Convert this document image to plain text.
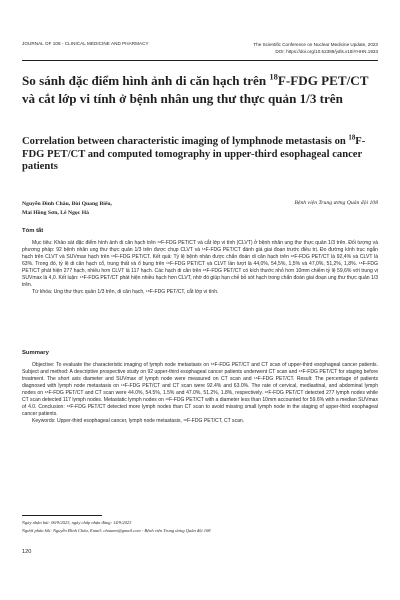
JOURNAL OF 108 - CLINICAL MEDICINE AND PHARMACY	The Scientific Conference on Nuclear Medicine Update, 2023
DOI: https://doi.org/10.52389/ydls.v18iYHHN.1933
So sánh đặc điểm hình ảnh di căn hạch trên $^{18}$F-FDG PET/CT và cắt lớp vi tính ở bệnh nhân ung thư thực quản 1/3 trên
Correlation between characteristic imaging of lymphnode metastasis on $^{18}$F-FDG PET/CT and computed tomography in upper-third esophageal cancer patients
Nguyễn Đình Châu, Bùi Quang Biểu,
Mai Hồng Sơn, Lê Ngọc Hà
Bệnh viện Trung ương Quân đội 108
Tóm tắt

Mục tiêu: Khảo sát đặc điểm hình ảnh di căn hạch trên ¹⁸F-FDG PET/CT và cắt lớp vi tính (CLVT) ở bệnh nhân ung thư thực quản 1/3 trên. Đối tượng và phương pháp: 92 bệnh nhân ung thư thực quản 1/3 trên được chụp CLVT và ¹⁸F-FDG PET/CT đánh giá giai đoạn trước điều trị. Đo đường kính trục ngắn hạch trên CLVT và SUVmax hạch trên ¹⁸F-FDG PET/CT. Kết quả: Tỷ lệ bệnh nhân được chẩn đoán di căn hạch trên ¹⁸F-FDG PET/CT là 92,4% và CLVT là 63%. Trong đó, tỷ lệ di căn hạch cổ, trung thất và ổ bụng trên ¹⁸F-FDG PET/CT và CLVT lần lượt là 44,0%, 54,5%, 1,5% và 47,0%, 51,2%, 1,8%. ¹⁸F-FDG PET/CT phát hiện 277 hạch, nhiều hơn CLVT là 117 hạch. Các hạch di căn trên ¹⁸F-FDG PET/CT có kích thước nhỏ hơn 10mm chiếm tỷ lệ 59,6% với trung vị SUVmax là 4,0. Kết luận: ¹⁸F-FDG PET/CT phát hiện nhiều hạch hơn CLVT, nhờ đó giúp hạn chế bỏ sót hạch trong chẩn đoán giai đoạn ung thư thực quản 1/3 trên.

Từ khóa: Ung thư thực quản 1/3 trên, di căn hạch, ¹⁸F-FDG PET/CT, cắt lớp vi tính.

Summary

Objective: To evaluate the characteristic imaging of lymph node metastasis on ¹⁸F-FDG PET/CT and CT scan of upper-third esophageal cancer patients. Subject and method: A descriptive prospective study on 92 upper-third esophageal cancer patients underwent CT scan and ¹⁸F-FDG PET/CT for staging before treatment. The short axis diameter and SUVmax of lymph node were measured on CT scan and ¹⁸F-FDG PET/CT. Result: The percentage of patients diagnosed with lymph node metastasis on ¹⁸F-FDG PET/CT and CT scan were 92.4% and 63.0%. The rate of cervical, mediastinal, and abdominal lymph nodes on ¹⁸F-FDG PET/CT and CT scan were 44.0%, 54.5%, 1.5% and 47.0%, 51.2%, 1.8%, respectively. ¹⁸F-FDG PET/CT detected 277 lymph nodes while CT scan detected 117 lymph nodes. Metastatic lymph nodes on ¹⁸F-FDG PET/CT with a diameter less than 10mm accounted for 59.6% with a median SUVmax of 4.0. Conclusion: ¹⁸F-FDG PET/CT detected more lymph nodes than CT scan to avoid missing small lymph node in the staging of upper-third esophageal cancer patients.

Keywords: Upper-third esophageal cancer, lymph node metastasis, ¹⁸F-FDG PET/CT, CT scan.

Ngày nhận bài: 06/9/2023, ngày chấp nhận đăng: 14/9/2023
Người phản hồi: Nguyễn Đình Châu, Email: chaunm@gmail.com - Bệnh viện Trung ương Quân đội 108
120
